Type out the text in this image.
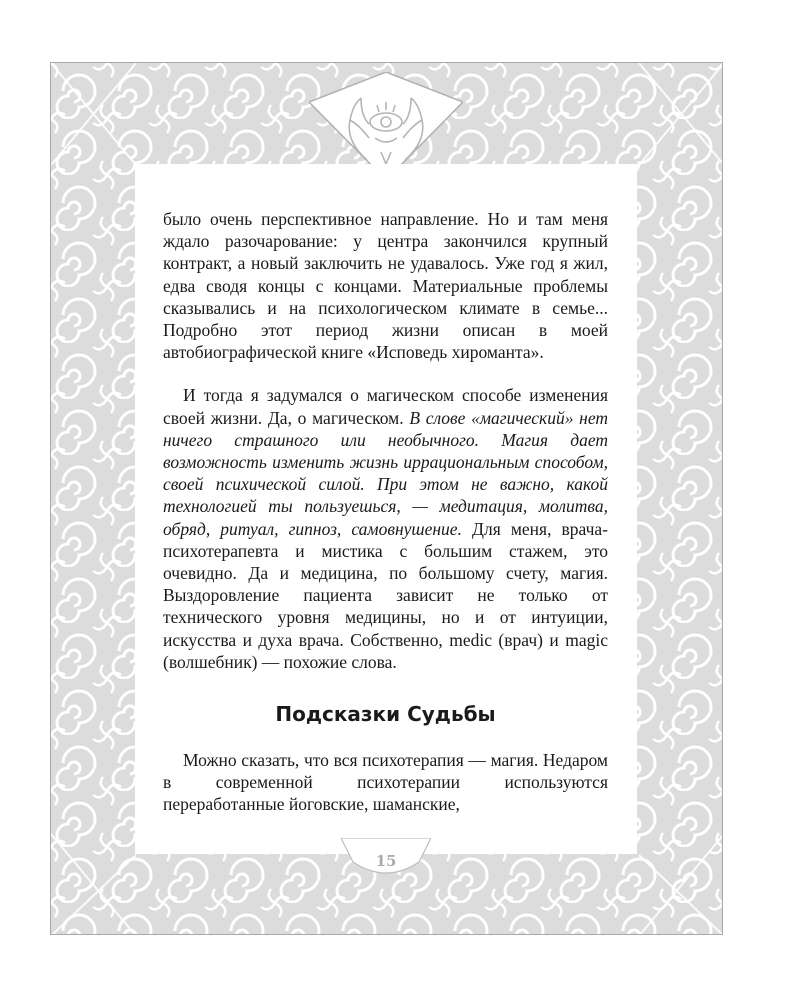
15

было очень перспективное направление. Но и там меня ждало разочарование: у центра закончился крупный контракт, а новый заключить не удавалось. Уже год я жил, едва сводя концы с концами. Материальные проблемы сказывались и на психологическом климате в семье... Подробно этот период жизни описан в моей автобиографической книге «Исповедь хироманта».

И тогда я задумался о магическом способе изменения своей жизни. Да, о магическом. В слове «магический» нет ничего страшного или необычного. Магия дает возможность изменить жизнь иррациональным способом, своей психической силой. При этом не важно, какой технологией ты пользуешься, — медитация, молитва, обряд, ритуал, гипноз, самовнушение. Для меня, врача-психотерапевта и мистика с большим стажем, это очевидно. Да и медицина, по большому счету, магия. Выздоровление пациента зависит не только от технического уровня медицины, но и от интуиции, искусства и духа врача. Собственно, medic (врач) и magic (волшебник) — похожие слова.

Подсказки Судьбы

Можно сказать, что вся психотерапия — магия. Недаром в современной психотерапии используются переработанные йоговские, шаманские,
